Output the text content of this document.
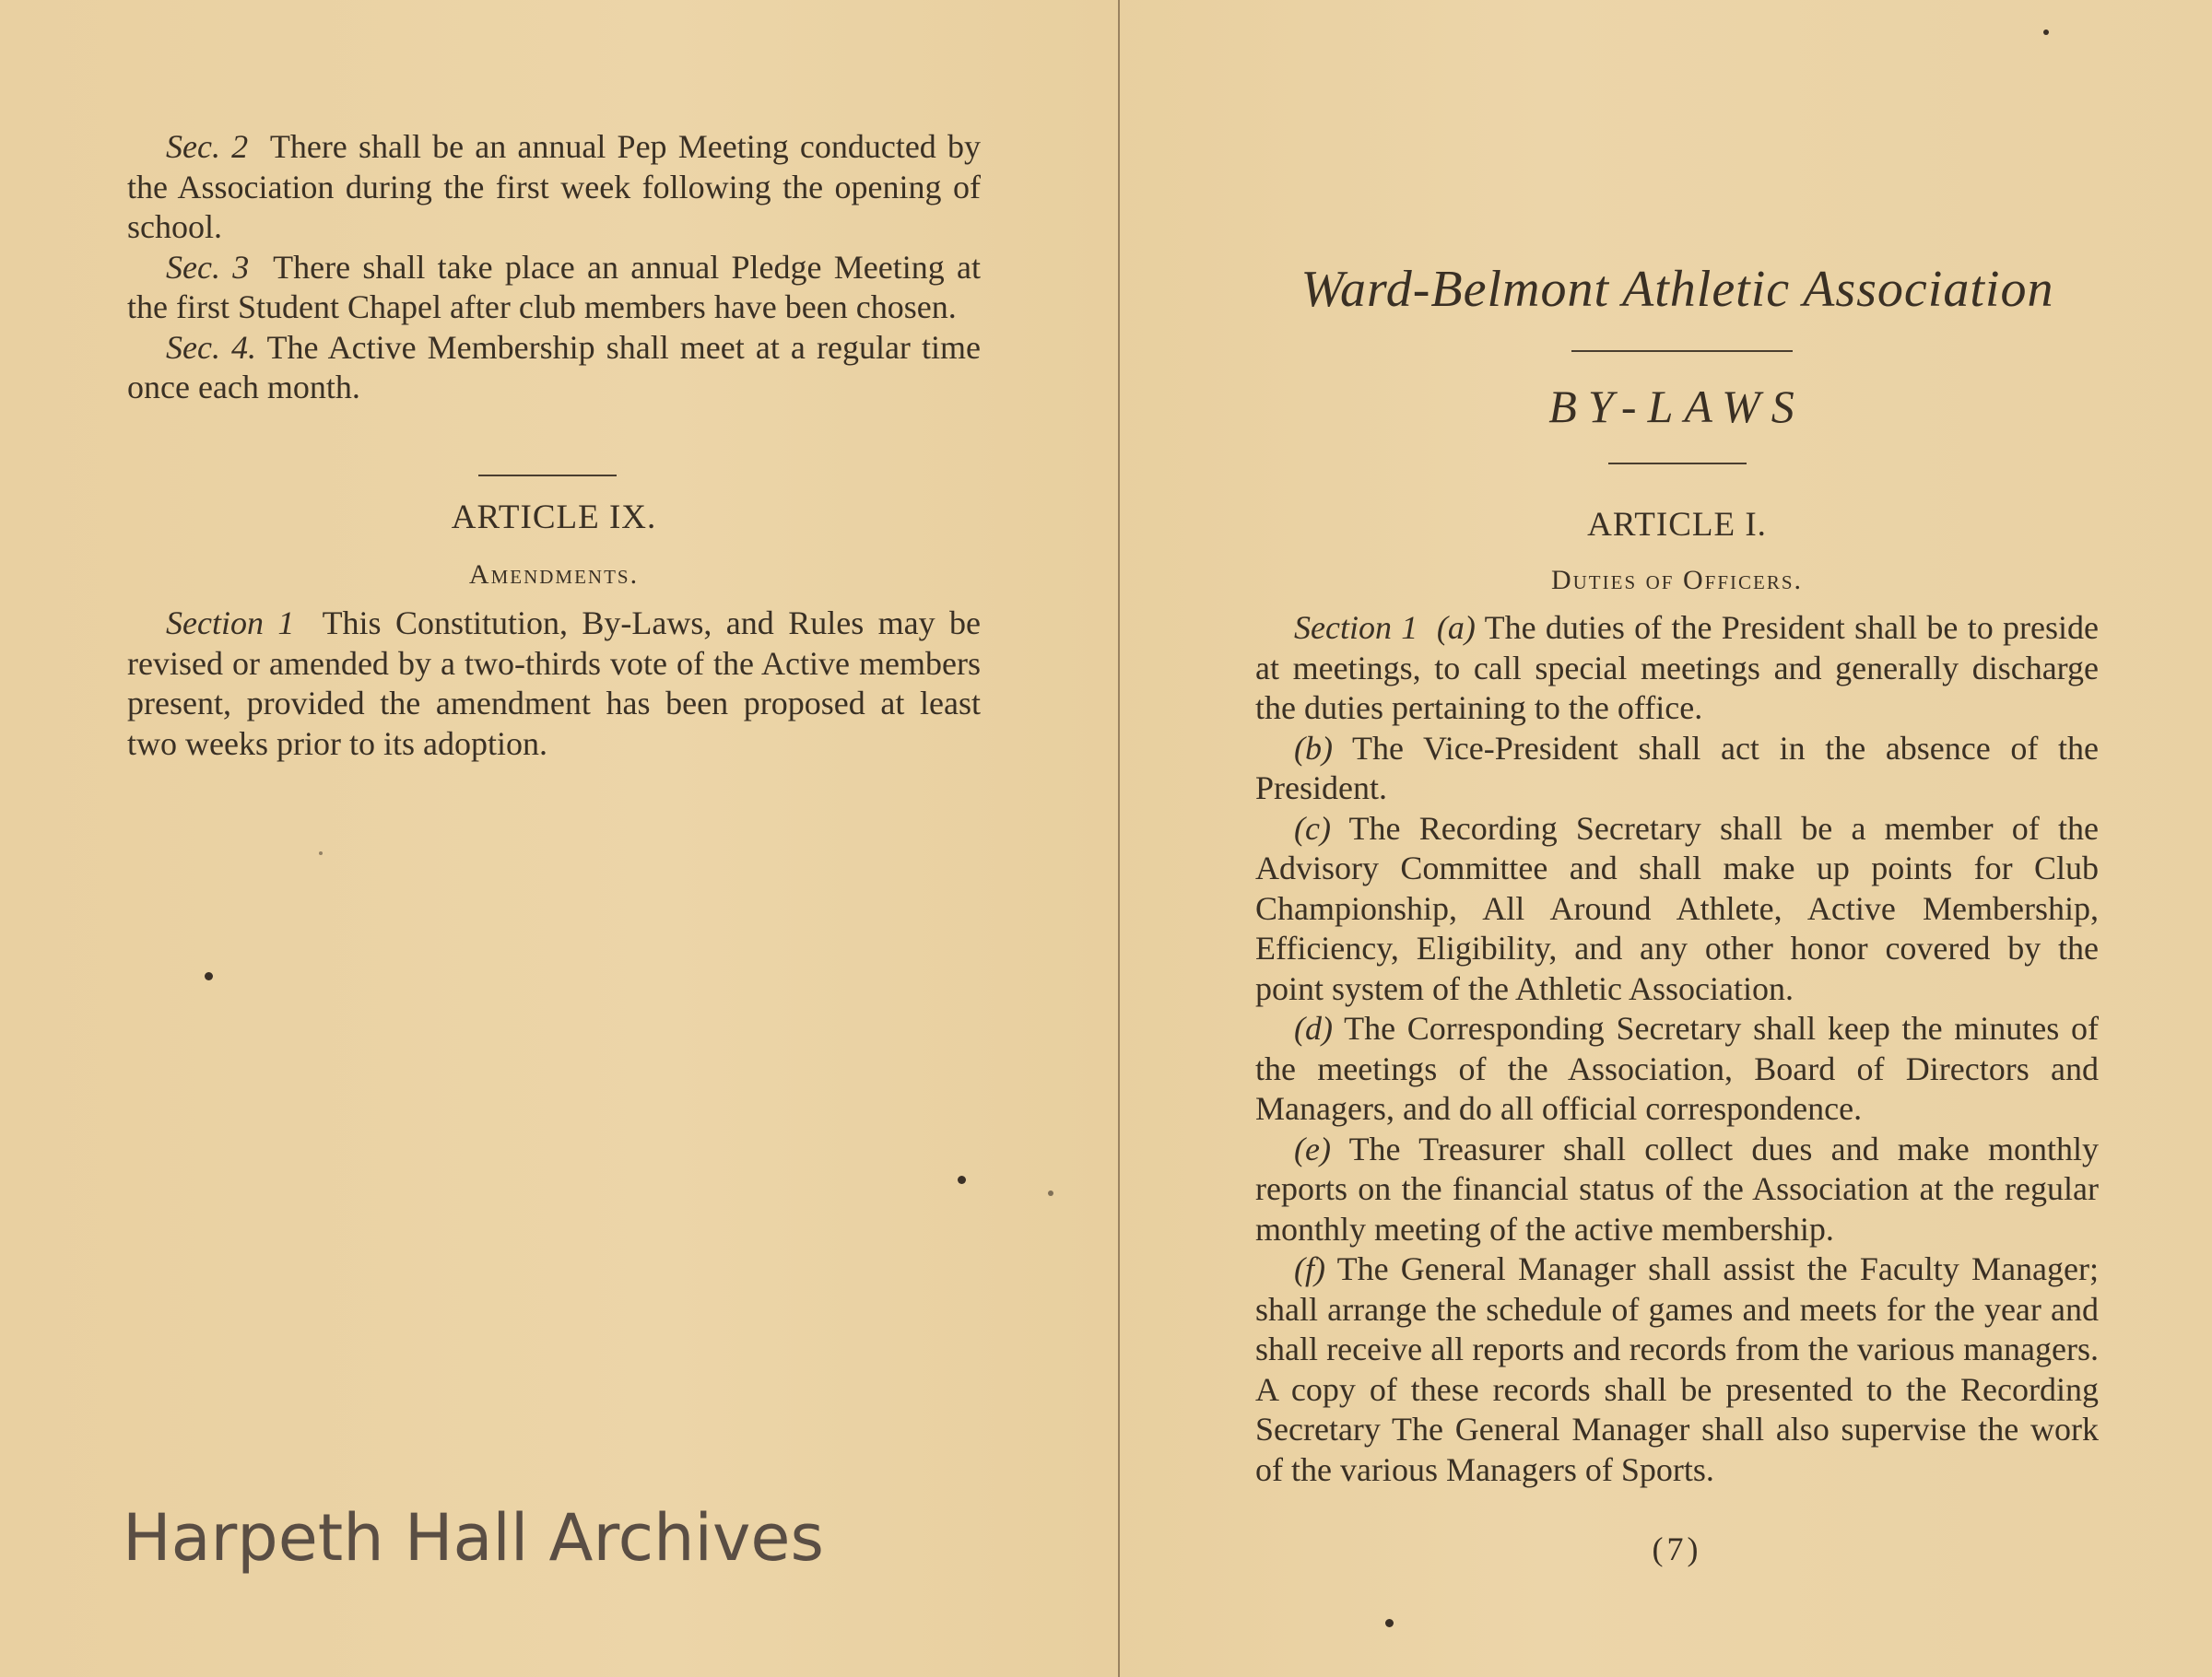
Sec. 2 There shall be an annual Pep Meeting conducted by the Association during the first week following the opening of school.

Sec. 3 There shall take place an annual Pledge Meeting at the first Student Chapel after club members have been chosen.

Sec. 4. The Active Membership shall meet at a regular time once each month.

ARTICLE IX.
Amendments.

Section 1 This Constitution, By-Laws, and Rules may be revised or amended by a two-thirds vote of the Active members present, provided the amendment has been proposed at least two weeks prior to its adoption.

Ward-Belmont Athletic Association
BY-LAWS
ARTICLE I.
Duties of Officers.

Section 1 (a) The duties of the President shall be to preside at meetings, to call special meetings and generally discharge the duties pertaining to the office.

(b) The Vice-President shall act in the absence of the President.

(c) The Recording Secretary shall be a member of the Advisory Committee and shall make up points for Club Championship, All Around Athlete, Active Membership, Efficiency, Eligibility, and any other honor covered by the point system of the Athletic Association.

(d) The Corresponding Secretary shall keep the minutes of the meetings of the Association, Board of Directors and Managers, and do all official correspondence.

(e) The Treasurer shall collect dues and make monthly reports on the financial status of the Association at the regular monthly meeting of the active membership.

(f) The General Manager shall assist the Faculty Manager; shall arrange the schedule of games and meets for the year and shall receive all reports and records from the various managers. A copy of these records shall be presented to the Recording Secretary The General Manager shall also supervise the work of the various Managers of Sports.

(7)
Harpeth Hall Archives
